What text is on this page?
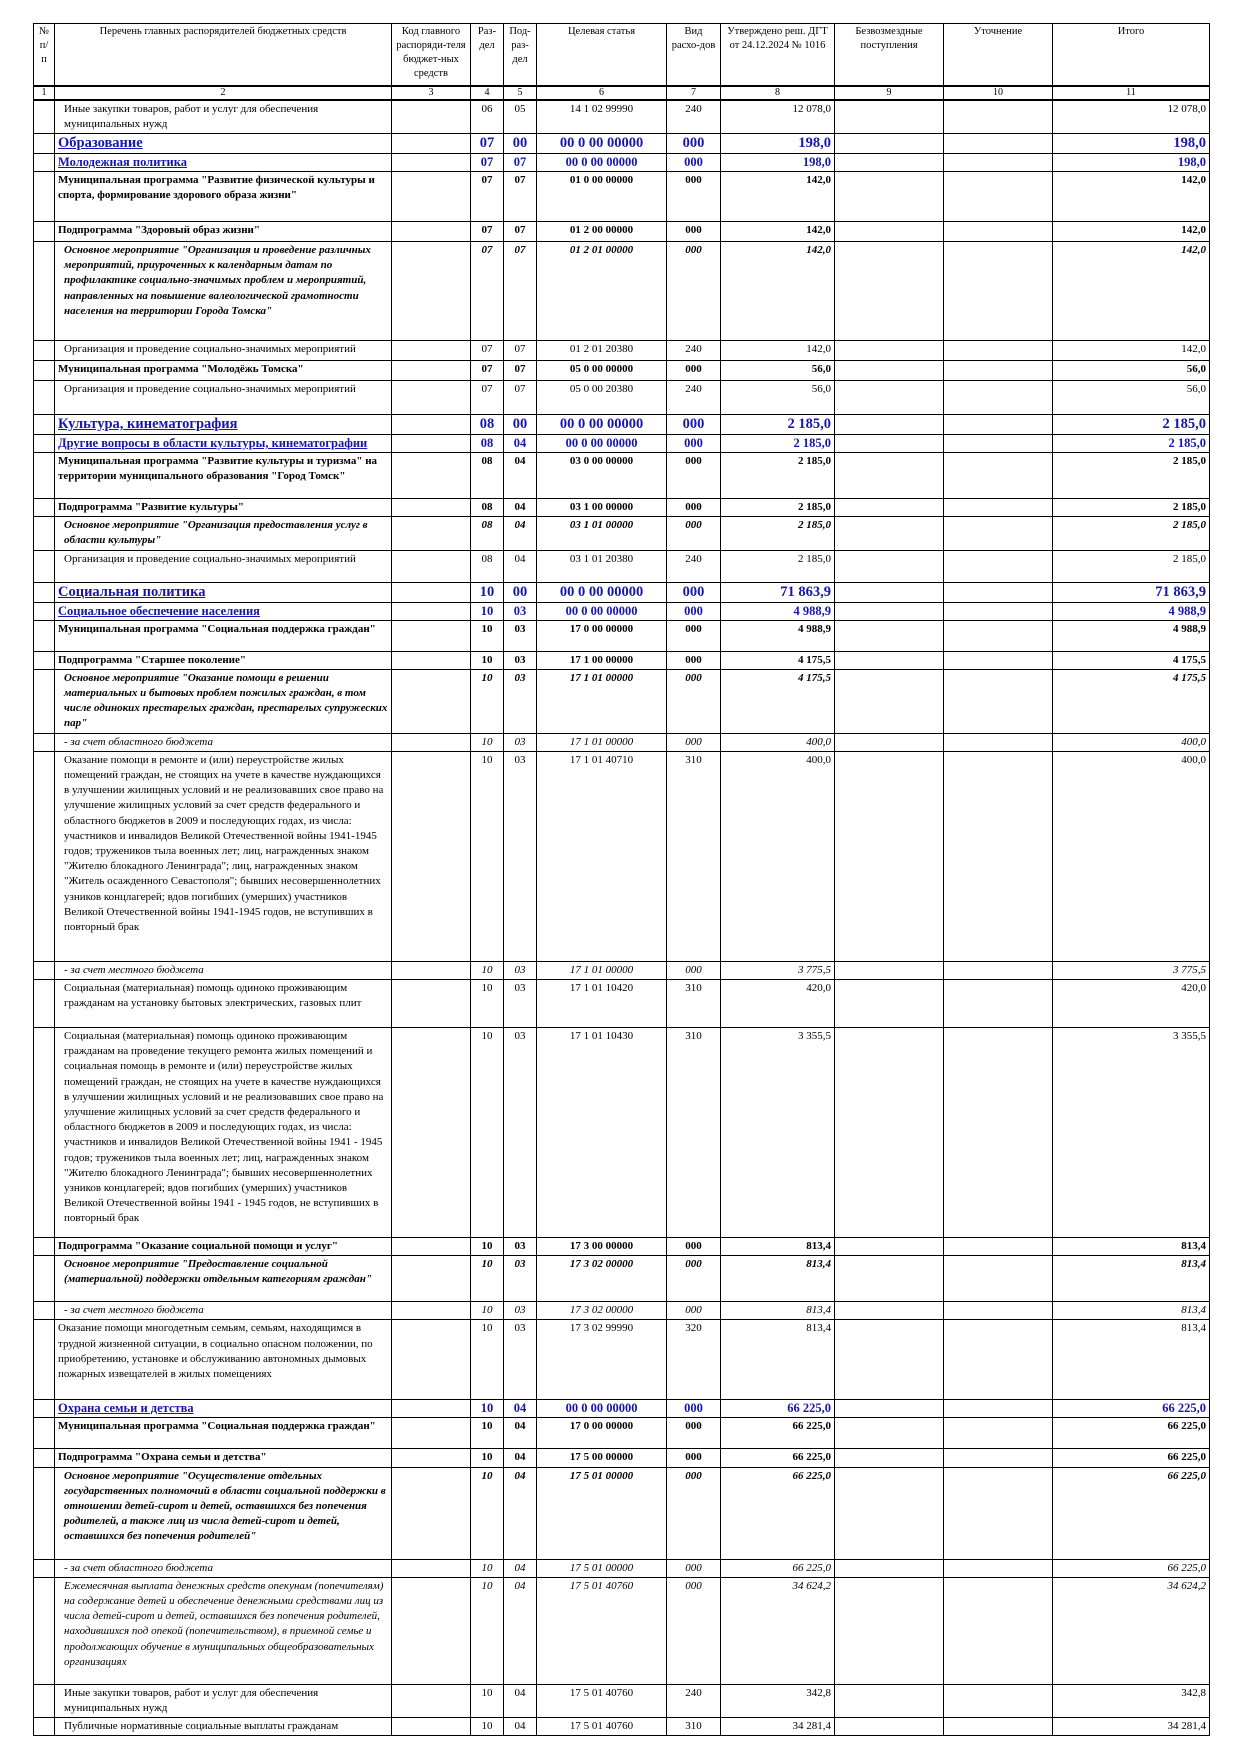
№ п/п	Перечень главных распорядителей бюджетных средств	Код главного распоряди-теля бюджет-ных средств	Раз-дел	Под-раз-дел	Целевая статья	Вид расхо-дов	Утверждено реш. ДГТ от 24.12.2024 № 1016	Безвозмездные поступления	Уточнение	Итого
1	2	3	4	5	6	7	8	9	10	11
	Иные закупки товаров, работ и услуг для обеспечения муниципальных нужд		06	05	14 1 02 99990	240	12 078,0			12 078,0
	Образование		07	00	00 0 00 00000	000	198,0			198,0
	Молодежная политика		07	07	00 0 00 00000	000	198,0			198,0
	Муниципальная программа "Развитие физической культуры и спорта, формирование здорового образа жизни"		07	07	01 0 00 00000	000	142,0			142,0
	Подпрограмма "Здоровый образ жизни"		07	07	01 2 00 00000	000	142,0			142,0
	Основное мероприятие "Организация и проведение различных мероприятий, приуроченных к календарным датам по профилактике социально-значимых проблем и мероприятий, направленных на повышение валеологической грамотности населения на территории Города Томска"		07	07	01 2 01 00000	000	142,0			142,0
	Организация и проведение социально-значимых мероприятий		07	07	01 2 01 20380	240	142,0			142,0
	Муниципальная программа "Молодёжь Томска"		07	07	05 0 00 00000	000	56,0			56,0
	Организация и проведение социально-значимых мероприятий		07	07	05 0 00 20380	240	56,0			56,0
	Культура, кинематография		08	00	00 0 00 00000	000	2 185,0			2 185,0
	Другие вопросы в области культуры, кинематографии		08	04	00 0 00 00000	000	2 185,0			2 185,0
	Муниципальная программа "Развитие культуры и туризма" на территории муниципального образования "Город Томск"		08	04	03 0 00 00000	000	2 185,0			2 185,0
	Подпрограмма "Развитие культуры"		08	04	03 1 00 00000	000	2 185,0			2 185,0
	Основное мероприятие "Организация предоставления услуг в области культуры"		08	04	03 1 01 00000	000	2 185,0			2 185,0
	Организация и проведение социально-значимых мероприятий		08	04	03 1 01 20380	240	2 185,0			2 185,0
	Социальная политика		10	00	00 0 00 00000	000	71 863,9			71 863,9
	Социальное обеспечение населения		10	03	00 0 00 00000	000	4 988,9			4 988,9
	Муниципальная программа "Социальная поддержка граждан"		10	03	17 0 00 00000	000	4 988,9			4 988,9
	Подпрограмма "Старшее поколение"		10	03	17 1 00 00000	000	4 175,5			4 175,5
	Основное мероприятие "Оказание помощи в решении материальных и бытовых проблем пожилых граждан, в том числе одиноких престарелых граждан, престарелых супружеских пар"		10	03	17 1 01 00000	000	4 175,5			4 175,5
	- за счет областного бюджета		10	03	17 1 01 00000	000	400,0			400,0
	Оказание помощи в ремонте и (или) переустройстве жилых помещений граждан, не стоящих на учете в качестве нуждающихся в улучшении жилищных условий и не реализовавших свое право на улучшение жилищных условий за счет средств федерального и областного бюджетов в 2009 и последующих годах, из числа: участников и инвалидов Великой Отечественной войны 1941-1945 годов; тружеников тыла военных лет; лиц, награжденных знаком "Жителю блокадного Ленинграда"; лиц, награжденных знаком "Житель осажденного Севастополя"; бывших несовершеннолетних узников концлагерей; вдов погибших (умерших) участников Великой Отечественной войны 1941-1945 годов, не вступивших в повторный брак		10	03	17 1 01 40710	310	400,0			400,0
	- за счет местного бюджета		10	03	17 1 01 00000	000	3 775,5			3 775,5
	Социальная (материальная) помощь одиноко проживающим гражданам на установку бытовых электрических, газовых плит		10	03	17 1 01 10420	310	420,0			420,0
	Социальная (материальная) помощь одиноко проживающим гражданам на проведение текущего ремонта жилых помещений и социальная помощь в ремонте и (или) переустройстве жилых помещений граждан, не стоящих на учете в качестве нуждающихся в улучшении жилищных условий и не реализовавших свое право на улучшение жилищных условий за счет средств федерального и областного бюджетов в 2009 и последующих годах, из числа: участников и инвалидов Великой Отечественной войны 1941 - 1945 годов; тружеников тыла военных лет; лиц, награжденных знаком "Жителю блокадного Ленинграда"; бывших несовершеннолетних узников концлагерей; вдов погибших (умерших) участников Великой Отечественной войны 1941 - 1945 годов, не вступивших в повторный брак		10	03	17 1 01 10430	310	3 355,5			3 355,5
	Подпрограмма "Оказание социальной помощи и услуг"		10	03	17 3 00 00000	000	813,4			813,4
	Основное мероприятие "Предоставление социальной (материальной) поддержки отдельным категориям граждан"		10	03	17 3 02 00000	000	813,4			813,4
	- за счет местного бюджета		10	03	17 3 02 00000	000	813,4			813,4
	Оказание помощи многодетным семьям, семьям, находящимся в трудной жизненной ситуации, в социально опасном положении, по приобретению, установке и обслуживанию автономных дымовых пожарных извещателей в жилых помещениях		10	03	17 3 02 99990	320	813,4			813,4
	Охрана семьи и детства		10	04	00 0 00 00000	000	66 225,0			66 225,0
	Муниципальная программа "Социальная поддержка граждан"		10	04	17 0 00 00000	000	66 225,0			66 225,0
	Подпрограмма "Охрана семьи и детства"		10	04	17 5 00 00000	000	66 225,0			66 225,0
	Основное мероприятие "Осуществление отдельных государственных полномочий в области социальной поддержки в отношении детей-сирот и детей, оставшихся без попечения родителей, а также лиц из числа детей-сирот и детей, оставшихся без попечения родителей"		10	04	17 5 01 00000	000	66 225,0			66 225,0
	- за счет областного бюджета		10	04	17 5 01 00000	000	66 225,0			66 225,0
	Ежемесячная выплата денежных средств опекунам (попечителям) на содержание детей и обеспечение денежными средствами лиц из числа детей-сирот и детей, оставшихся без попечения родителей, находившихся под опекой (попечительством), в приемной семье и продолжающих обучение в муниципальных общеобразовательных организациях		10	04	17 5 01 40760	000	34 624,2			34 624,2
	Иные закупки товаров, работ и услуг для обеспечения муниципальных нужд		10	04	17 5 01 40760	240	342,8			342,8
	Публичные нормативные социальные выплаты гражданам		10	04	17 5 01 40760	310	34 281,4			34 281,4
